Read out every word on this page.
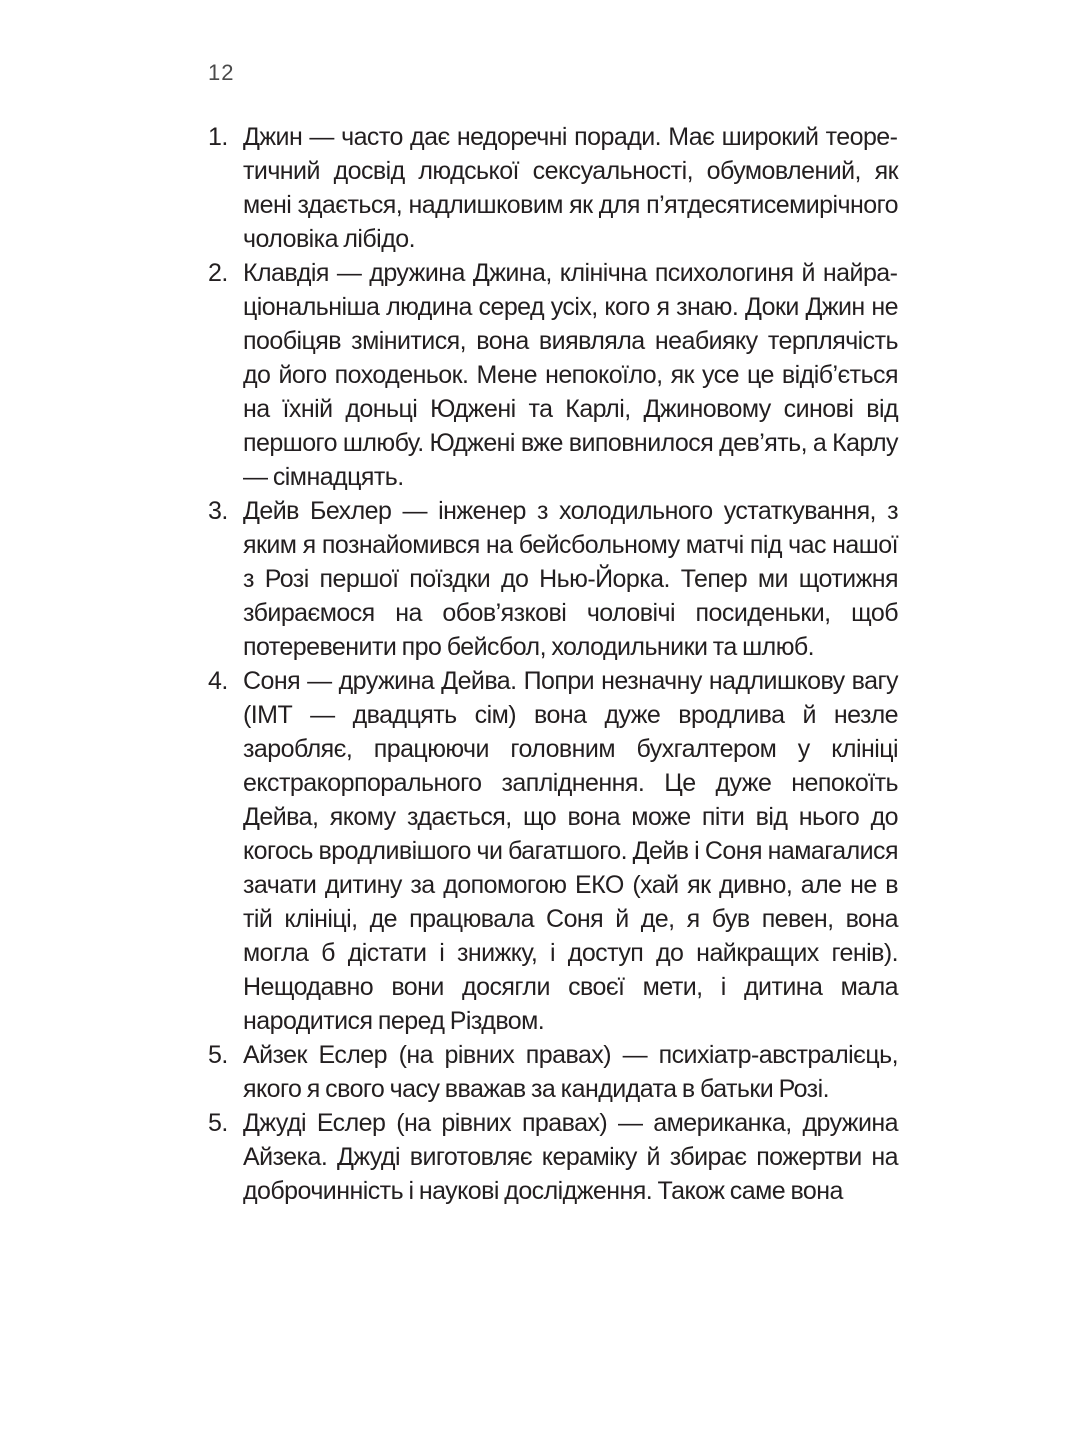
12
1. Джин — часто дає недоречні поради. Має широкий теоретичний досвід людської сексуальності, обумовлений, як мені здається, надлишковим як для п’ятдесятисемирічного чоловіка лібідо.
2. Клавдія — дружина Джина, клінічна психологиня й найраціональніша людина серед усіх, кого я знаю. Доки Джин не пообіцяв змінитися, вона виявляла неабияку терплячість до його походеньок. Мене непокоїло, як усе це відіб’ється на їхній доньці Юджені та Карлі, Джиновому синові від першого шлюбу. Юджені вже виповнилося дев’ять, а Карлу — сімнадцять.
3. Дейв Бехлер — інженер з холодильного устаткування, з яким я познайомився на бейсбольному матчі під час нашої з Розі першої поїздки до Нью-Йорка. Тепер ми щотижня збираємося на обов’язкові чоловічі посиденьки, щоб потеревенити про бейсбол, холодильники та шлюб.
4. Соня — дружина Дейва. Попри незначну надлишкову вагу (ІМТ — двадцять сім) вона дуже вродлива й незле заробляє, працюючи головним бухгалтером у клініці екстракорпорального запліднення. Це дуже непокоїть Дейва, якому здається, що вона може піти від нього до когось вродливішого чи багатшого. Дейв і Соня намагалися зачати дитину за допомогою ЕКО (хай як дивно, але не в тій клініці, де працювала Соня й де, я був певен, вона могла б дістати і знижку, і доступ до найкращих генів). Нещодавно вони досягли своєї мети, і дитина мала народитися перед Різдвом.
5. Айзек Еслер (на рівних правах) — психіатр-австралієць, якого я свого часу вважав за кандидата в батьки Розі.
5. Джуді Еслер (на рівних правах) — американка, дружина Айзека. Джуді виготовляє кераміку й збирає пожертви на доброчинність і наукові дослідження. Також саме вона
